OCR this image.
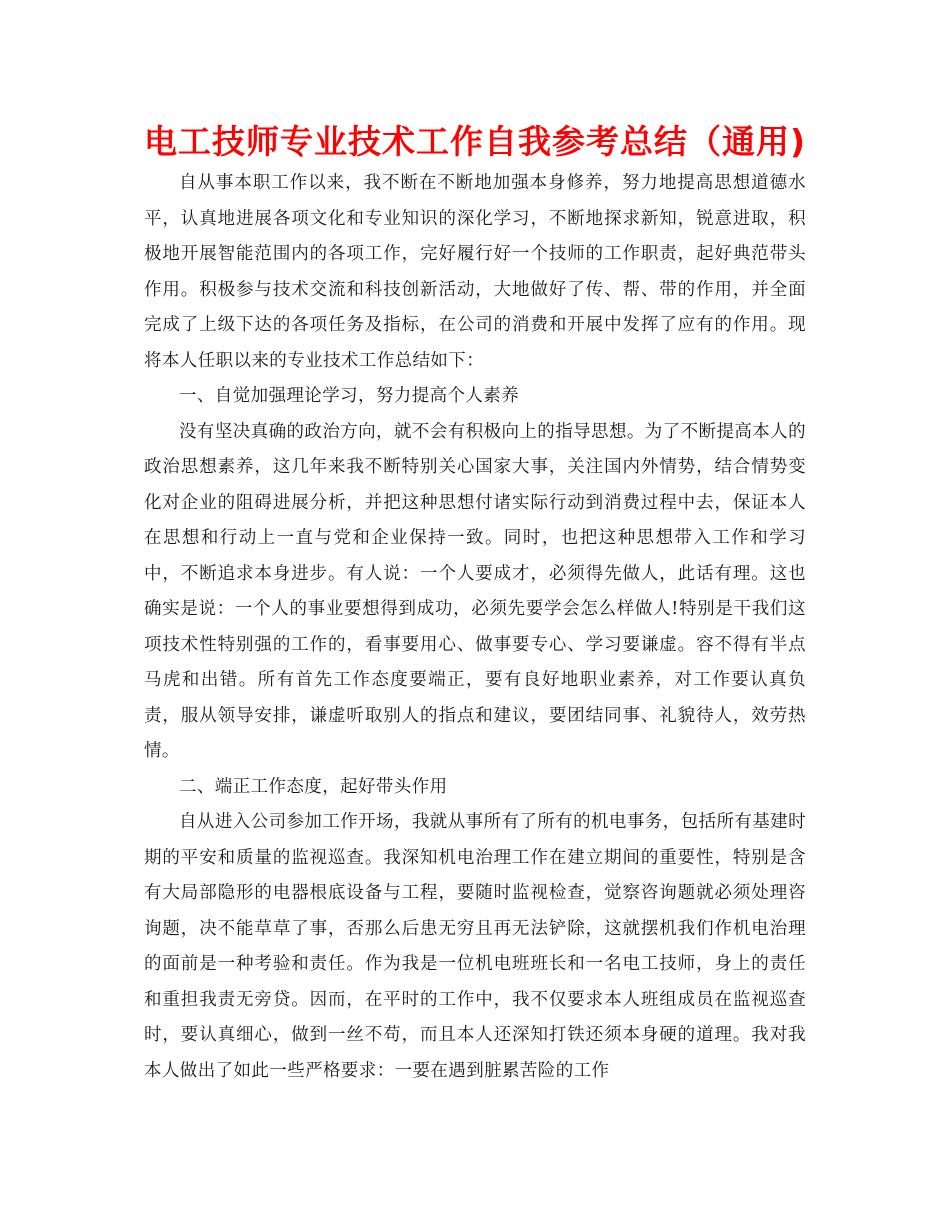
电工技师专业技术工作自我参考总结（通用)

自从事本职工作以来，我不断在不断地加强本身修养，努力地提高思想道德水平，认真地进展各项文化和专业知识的深化学习，不断地探求新知，锐意进取，积极地开展智能范围内的各项工作，完好履行好一个技师的工作职责，起好典范带头作用。积极参与技术交流和科技创新活动，大地做好了传、帮、带的作用，并全面完成了上级下达的各项任务及指标，在公司的消费和开展中发挥了应有的作用。现将本人任职以来的专业技术工作总结如下：

一、自觉加强理论学习，努力提高个人素养

没有坚决真确的政治方向，就不会有积极向上的指导思想。为了不断提高本人的政治思想素养，这几年来我不断特别关心国家大事，关注国内外情势，结合情势变化对企业的阻碍进展分析，并把这种思想付诸实际行动到消费过程中去，保证本人在思想和行动上一直与党和企业保持一致。同时，也把这种思想带入工作和学习中，不断追求本身进步。有人说：一个人要成才，必须得先做人，此话有理。这也确实是说：一个人的事业要想得到成功，必须先要学会怎么样做人!特别是干我们这项技术性特别强的工作的，看事要用心、做事要专心、学习要谦虚。容不得有半点马虎和出错。所有首先工作态度要端正，要有良好地职业素养，对工作要认真负责，服从领导安排，谦虚听取别人的指点和建议，要团结同事、礼貌待人，效劳热情。

二、端正工作态度，起好带头作用

自从进入公司参加工作开场，我就从事所有了所有的机电事务，包括所有基建时期的平安和质量的监视巡查。我深知机电治理工作在建立期间的重要性，特别是含有大局部隐形的电器根底设备与工程，要随时监视检查，觉察咨询题就必须处理咨询题，决不能草草了事，否那么后患无穷且再无法铲除，这就摆机我们作机电治理的面前是一种考验和责任。作为我是一位机电班班长和一名电工技师，身上的责任和重担我责无旁贷。因而，在平时的工作中，我不仅要求本人班组成员在监视巡查时，要认真细心，做到一丝不苟，而且本人还深知打铁还须本身硬的道理。我对我本人做出了如此一些严格要求：一要在遇到脏累苦险的工作
